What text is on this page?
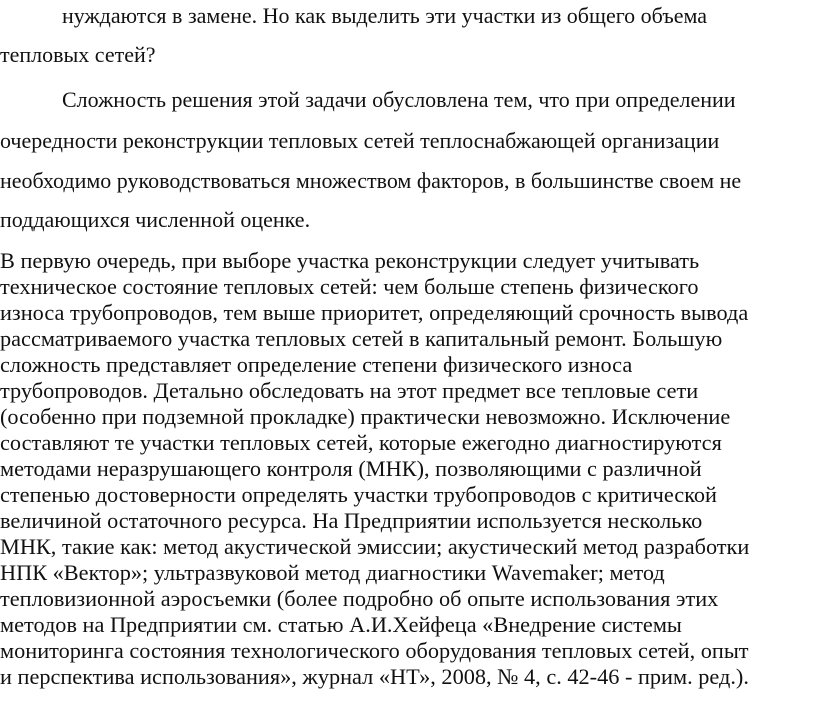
нуждаются в замене. Но как выделить эти участки из общего объема
тепловых сетей?
Сложность решения этой задачи обусловлена тем, что при определении
очередности реконструкции тепловых сетей теплоснабжающей организации
необходимо руководствоваться множеством факторов, в большинстве своем не
поддающихся численной оценке.
В первую очередь, при выборе участка реконструкции следует учитывать
техническое состояние тепловых сетей: чем больше степень физического
износа трубопроводов, тем выше приоритет, определяющий срочность вывода
рассматриваемого участка тепловых сетей в капитальный ремонт. Большую
сложность представляет определение степени физического износа
трубопроводов. Детально обследовать на этот предмет все тепловые сети
(особенно при подземной прокладке) практически невозможно. Исключение
составляют те участки тепловых сетей, которые ежегодно диагностируются
методами неразрушающего контроля (МНК), позволяющими с различной
степенью достоверности определять участки трубопроводов с критической
величиной остаточного ресурса. На Предприятии используется несколько
МНК, такие как: метод акустической эмиссии; акустический метод разработки
НПК «Вектор»; ультразвуковой метод диагностики Wavemaker; метод
тепловизионной аэросъемки (более подробно об опыте использования этих
методов на Предприятии см. статью А.И.Хейфеца «Внедрение системы
мониторинга состояния технологического оборудования тепловых сетей, опыт
и перспектива использования», журнал «НТ», 2008, № 4, с. 42-46 - прим. ред.).
